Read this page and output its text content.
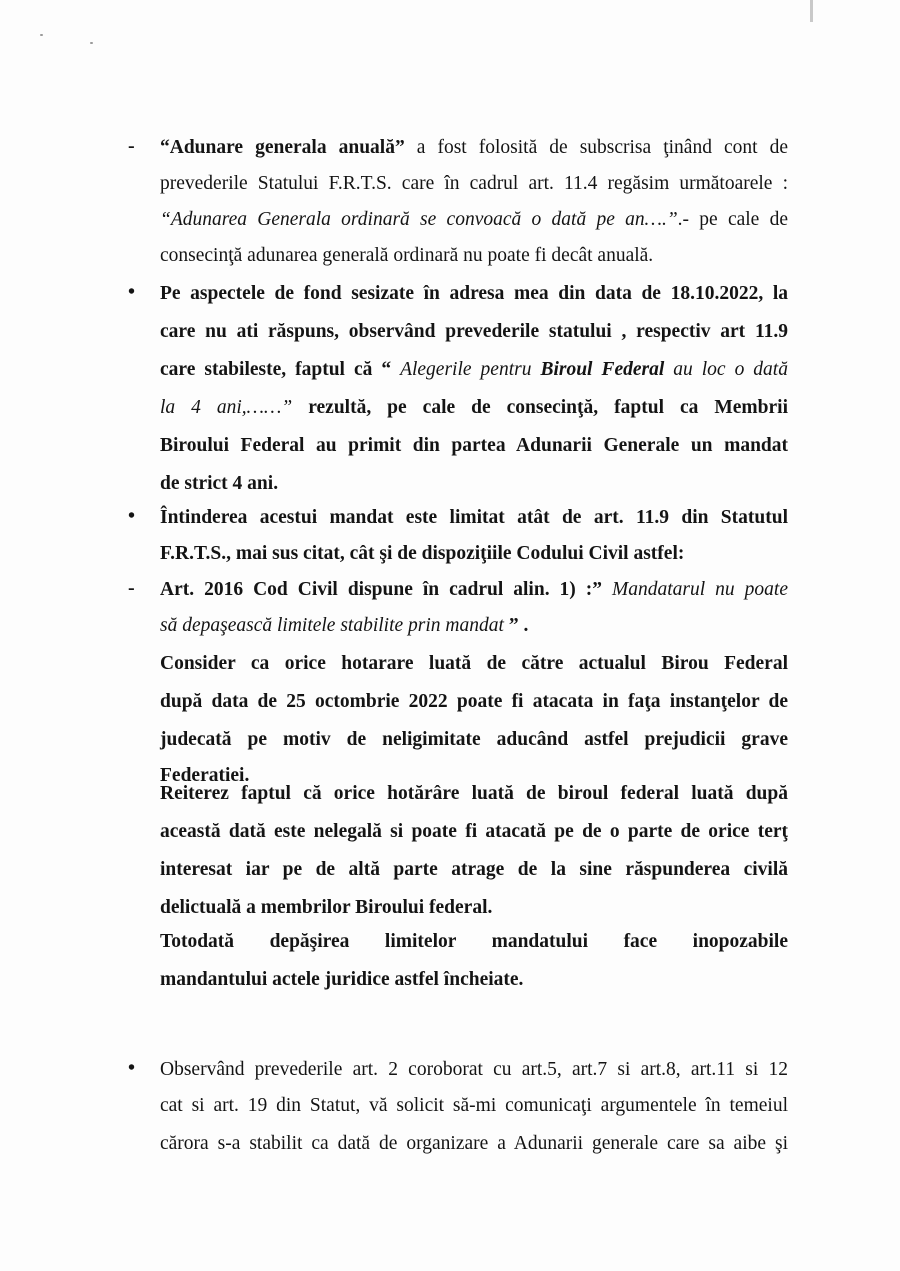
-	“Adunare generala anuală” a fost folosită de subscrisa ţinând cont de
prevederile Statului F.R.T.S. care în cadrul art. 11.4 regăsim următoarele :
“Adunarea Generala ordinară se convoacă o dată pe an….”.- pe cale de
consecinţă adunarea generală ordinară nu poate fi decât anuală.
•	Pe aspectele de fond sesizate în adresa mea din data de 18.10.2022, la
care nu ati răspuns, observând prevederile statului , respectiv art 11.9
care stabileste, faptul că “ Alegerile pentru Biroul Federal au loc o dată
la 4 ani,……” rezultă, pe cale de consecinţă, faptul ca Membrii
Biroului Federal au primit din partea Adunarii Generale un mandat
de strict 4 ani.
•	Întinderea acestui mandat este limitat atât de art. 11.9 din Statutul
F.R.T.S., mai sus citat, cât şi de dispoziţiile Codului Civil astfel:
-	Art. 2016 Cod Civil dispune în cadrul alin. 1) :” Mandatarul nu poate
să depaşească limitele stabilite prin mandat ” .
Consider ca orice hotarare luată de către actualul Birou Federal
după data de 25 octombrie 2022 poate fi atacata in faţa instanţelor de
judecată pe motiv de neligimitate aducând astfel prejudicii grave
Federatiei.
Reiterez faptul că orice hotărâre luată de biroul federal luată după
această dată este nelegală si poate fi atacată pe de o parte de orice terţ
interesat iar pe de altă parte atrage de la sine răspunderea civilă
delictuală a membrilor Biroului federal.
Totodată depăşirea limitelor mandatului face inopozabile
mandantului actele juridice astfel încheiate.
•	Observând prevederile art. 2 coroborat cu art.5, art.7 si art.8, art.11 si 12
cat si art. 19 din Statut, vă solicit să-mi comunicaţi argumentele în temeiul
cărora s-a stabilit ca dată de organizare a Adunarii generale care sa aibe şi
